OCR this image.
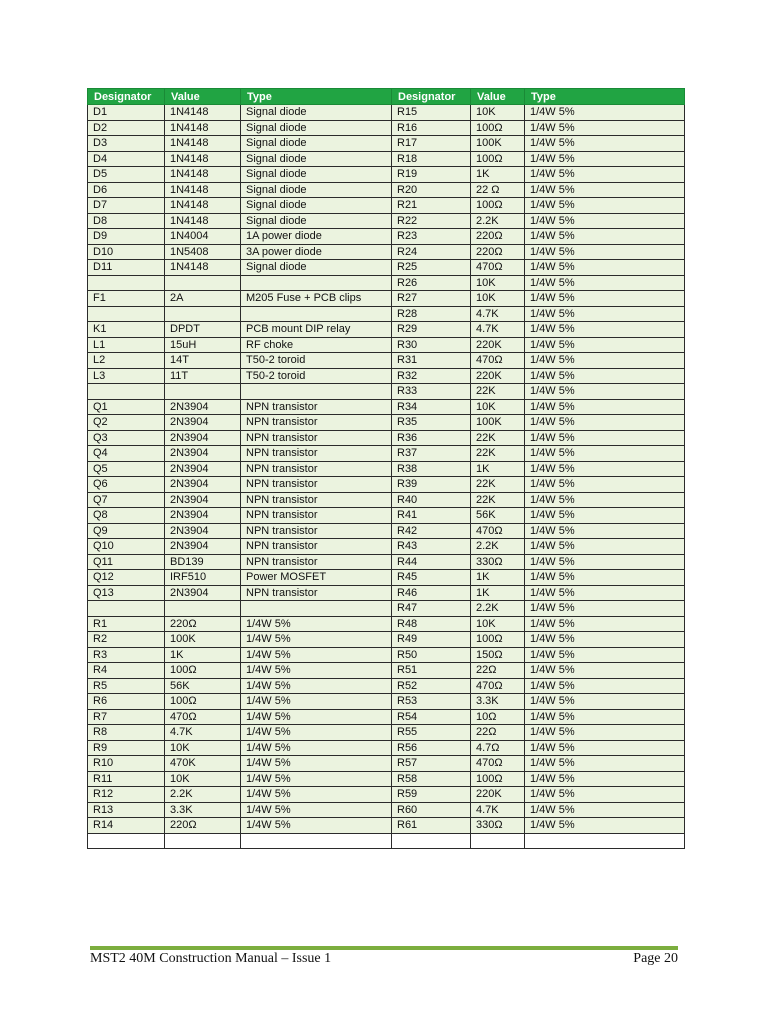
Designator	Value	Type	Designator	Value	Type
D1	1N4148	Signal diode	R15	10K	1/4W 5%
D2	1N4148	Signal diode	R16	100Ω	1/4W 5%
D3	1N4148	Signal diode	R17	100K	1/4W 5%
D4	1N4148	Signal diode	R18	100Ω	1/4W 5%
D5	1N4148	Signal diode	R19	1K	1/4W 5%
D6	1N4148	Signal diode	R20	22 Ω	1/4W 5%
D7	1N4148	Signal diode	R21	100Ω	1/4W 5%
D8	1N4148	Signal diode	R22	2.2K	1/4W 5%
D9	1N4004	1A power diode	R23	220Ω	1/4W 5%
D10	1N5408	3A power diode	R24	220Ω	1/4W 5%
D11	1N4148	Signal diode	R25	470Ω	1/4W 5%
			R26	10K	1/4W 5%
F1	2A	M205 Fuse + PCB clips	R27	10K	1/4W 5%
			R28	4.7K	1/4W 5%
K1	DPDT	PCB mount DIP relay	R29	4.7K	1/4W 5%
L1	15uH	RF choke	R30	220K	1/4W 5%
L2	14T	T50-2 toroid	R31	470Ω	1/4W 5%
L3	11T	T50-2 toroid	R32	220K	1/4W 5%
			R33	22K	1/4W 5%
Q1	2N3904	NPN transistor	R34	10K	1/4W 5%
Q2	2N3904	NPN transistor	R35	100K	1/4W 5%
Q3	2N3904	NPN transistor	R36	22K	1/4W 5%
Q4	2N3904	NPN transistor	R37	22K	1/4W 5%
Q5	2N3904	NPN transistor	R38	1K	1/4W 5%
Q6	2N3904	NPN transistor	R39	22K	1/4W 5%
Q7	2N3904	NPN transistor	R40	22K	1/4W 5%
Q8	2N3904	NPN transistor	R41	56K	1/4W 5%
Q9	2N3904	NPN transistor	R42	470Ω	1/4W 5%
Q10	2N3904	NPN transistor	R43	2.2K	1/4W 5%
Q11	BD139	NPN transistor	R44	330Ω	1/4W 5%
Q12	IRF510	Power MOSFET	R45	1K	1/4W 5%
Q13	2N3904	NPN transistor	R46	1K	1/4W 5%
			R47	2.2K	1/4W 5%
R1	220Ω	1/4W 5%	R48	10K	1/4W 5%
R2	100K	1/4W 5%	R49	100Ω	1/4W 5%
R3	1K	1/4W 5%	R50	150Ω	1/4W 5%
R4	100Ω	1/4W 5%	R51	22Ω	1/4W 5%
R5	56K	1/4W 5%	R52	470Ω	1/4W 5%
R6	100Ω	1/4W 5%	R53	3.3K	1/4W 5%
R7	470Ω	1/4W 5%	R54	10Ω	1/4W 5%
R8	4.7K	1/4W 5%	R55	22Ω	1/4W 5%
R9	10K	1/4W 5%	R56	4.7Ω	1/4W 5%
R10	470K	1/4W 5%	R57	470Ω	1/4W 5%
R11	10K	1/4W 5%	R58	100Ω	1/4W 5%
R12	2.2K	1/4W 5%	R59	220K	1/4W 5%
R13	3.3K	1/4W 5%	R60	4.7K	1/4W 5%
R14	220Ω	1/4W 5%	R61	330Ω	1/4W 5%

MST2 40M Construction Manual – Issue 1	Page 20
